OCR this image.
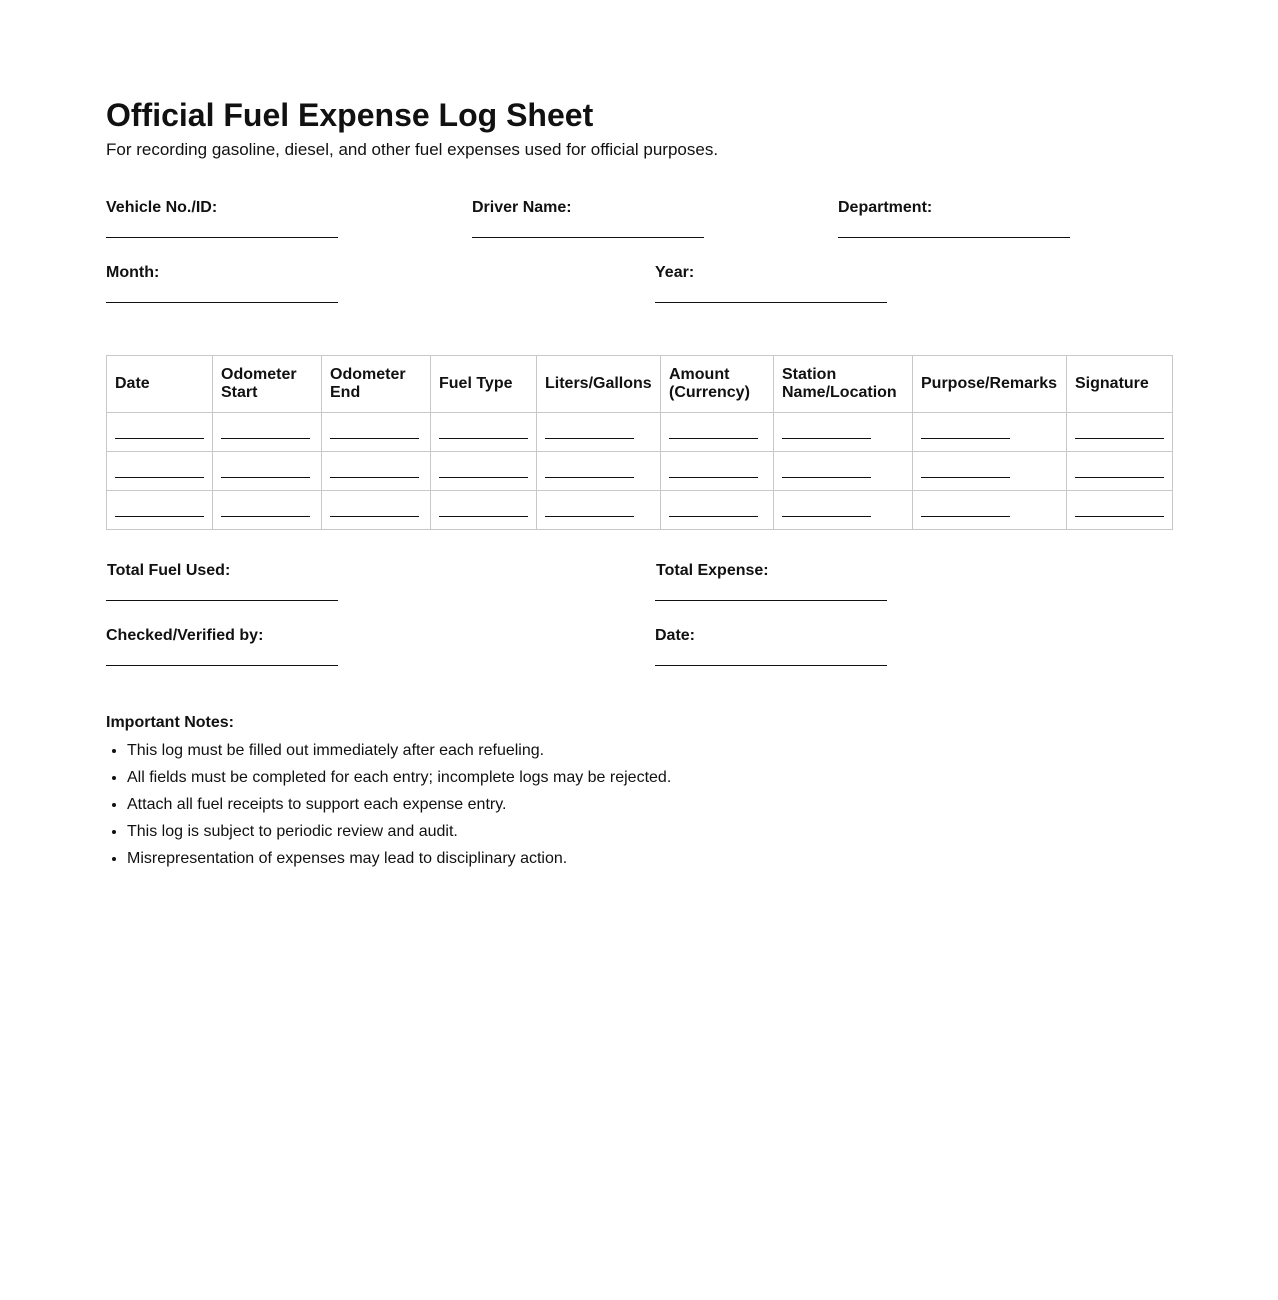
Official Fuel Expense Log Sheet
For recording gasoline, diesel, and other fuel expenses used for official purposes.
Vehicle No./ID:	Driver Name:	Department:
Month:	Year:
Date	Odometer Start	Odometer End	Fuel Type	Liters/Gallons	Amount (Currency)	Station Name/Location	Purpose/Remarks	Signature

Total Fuel Used:	Total Expense:
Checked/Verified by:	Date:
Important Notes:
• This log must be filled out immediately after each refueling.
• All fields must be completed for each entry; incomplete logs may be rejected.
• Attach all fuel receipts to support each expense entry.
• This log is subject to periodic review and audit.
• Misrepresentation of expenses may lead to disciplinary action.
